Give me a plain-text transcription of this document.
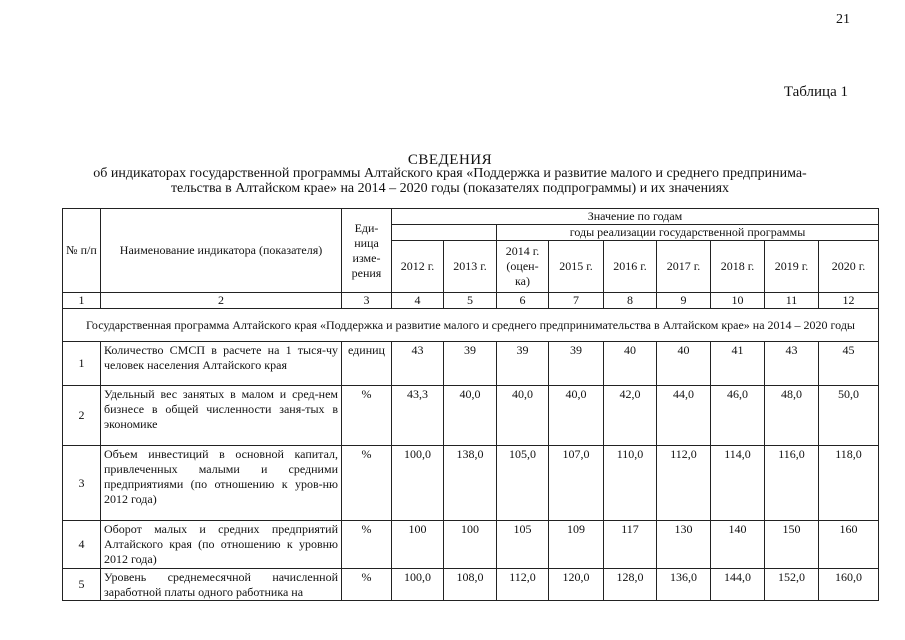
21
Таблица 1
СВЕДЕНИЯ
об индикаторах государственной программы Алтайского края «Поддержка и развитие малого и среднего предпринима-
тельства в Алтайском крае» на 2014 – 2020 годы (показателях подпрограммы) и их значениях
№ п/п	Наименование индикатора (показателя)	Еди-ница изме-рения	Значение по годам								
					годы реализации государственной программы						
			2012 г.	2013 г.	2014 г. (оцен-ка)	2015 г.	2016 г.	2017 г.	2018 г.	2019 г.	2020 г.
1	2	3	4	5	6	7	8	9	10	11	12
Государственная программа Алтайского края «Поддержка и развитие малого и среднего предпринимательства в Алтайском крае» на 2014 – 2020 годы											
1	Количество СМСП в расчете на 1 тыся-чу человек населения Алтайского края	единиц	43	39	39	39	40	40	41	43	45
2	Удельный вес занятых в малом и сред-нем бизнесе в общей численности заня-тых в экономике	%	43,3	40,0	40,0	40,0	42,0	44,0	46,0	48,0	50,0
3	Объем инвестиций в основной капитал, привлеченных малыми и средними предприятиями (по отношению к уров-ню 2012 года)	%	100,0	138,0	105,0	107,0	110,0	112,0	114,0	116,0	118,0
4	Оборот малых и средних предприятий Алтайского края (по отношению к уровню 2012 года)	%	100	100	105	109	117	130	140	150	160
5	Уровень среднемесячной начисленной заработной платы одного работника на	%	100,0	108,0	112,0	120,0	128,0	136,0	144,0	152,0	160,0
